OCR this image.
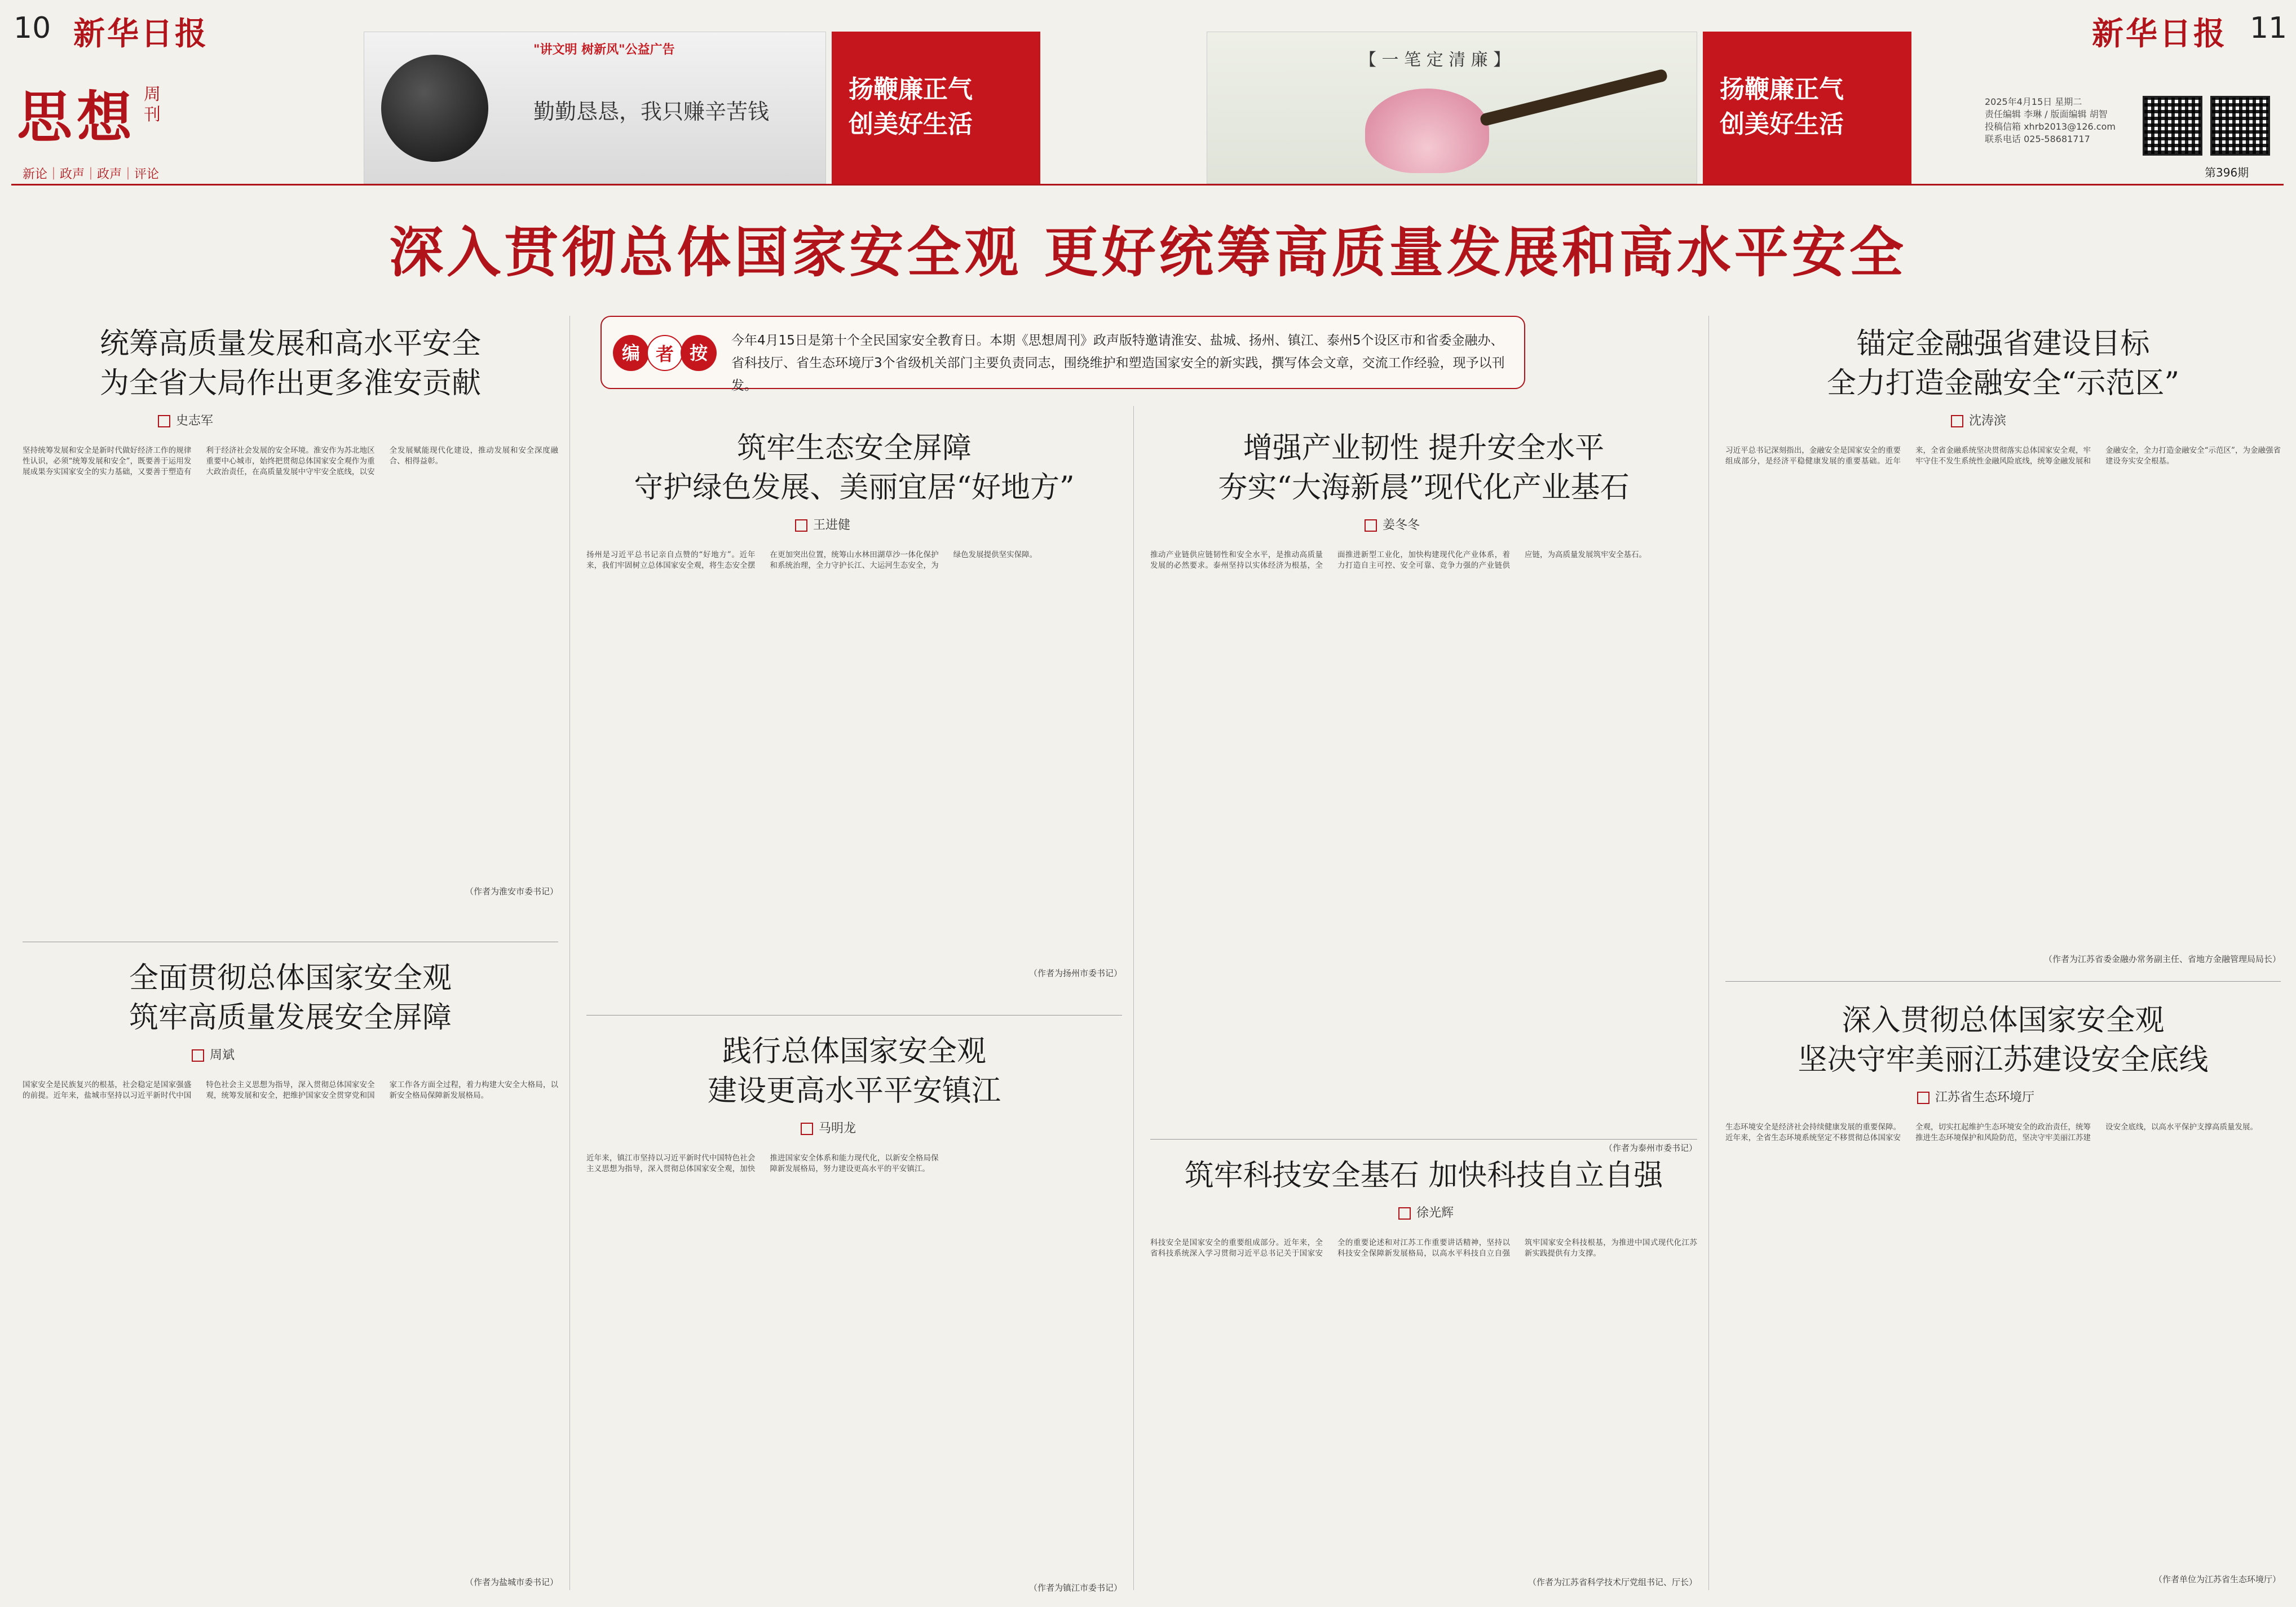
10 新华日报
思想 周刊
新论｜政声｜政声｜评论
勤勤恳恳，我只赚辛苦钱
"讲文明 树新风"公益广告
扬鞭廉正气
创美好生活
【 一 笔 定 清 廉 】
扬鞭廉正气
创美好生活
新华日报 11
2025年4月15日 星期二
责任编辑 李琳 / 版面编辑 胡智
投稿信箱 xhrb2013@126.com
联系电话 025-58681717
第396期
深入贯彻总体国家安全观 更好统筹高质量发展和高水平安全
编 者 按
今年4月15日是第十个全民国家安全教育日。本期《思想周刊》政声版特邀请淮安、盐城、扬州、镇江、泰州5个设区市和省委金融办、省科技厅、省生态环境厅3个省级机关部门主要负责同志，围绕维护和塑造国家安全的新实践，撰写体会文章，交流工作经验，现予以刊发。
统筹高质量发展和高水平安全
为全省大局作出更多淮安贡献
史志军
坚持统筹发展和安全是新时代做好经济工作的规律性认识，必须“统筹发展和安全”，既要善于运用发展成果夯实国家安全的实力基础，又要善于塑造有利于经济社会发展的安全环境。淮安作为苏北地区重要中心城市，始终把贯彻总体国家安全观作为重大政治责任，在高质量发展中守牢安全底线，以安全发展赋能现代化建设，推动发展和安全深度融合、相得益彰。
（作者为淮安市委书记）
全面贯彻总体国家安全观
筑牢高质量发展安全屏障
周斌
国家安全是民族复兴的根基，社会稳定是国家强盛的前提。近年来，盐城市坚持以习近平新时代中国特色社会主义思想为指导，深入贯彻总体国家安全观，统筹发展和安全，把维护国家安全贯穿党和国家工作各方面全过程，着力构建大安全大格局，以新安全格局保障新发展格局。
（作者为盐城市委书记）
筑牢生态安全屏障
守护绿色发展、美丽宜居“好地方”
王进健
扬州是习近平总书记亲自点赞的“好地方”。近年来，我们牢固树立总体国家安全观，将生态安全摆在更加突出位置，统筹山水林田湖草沙一体化保护和系统治理，全力守护长江、大运河生态安全，为绿色发展提供坚实保障。
（作者为扬州市委书记）
践行总体国家安全观
建设更高水平平安镇江
马明龙
近年来，镇江市坚持以习近平新时代中国特色社会主义思想为指导，深入贯彻总体国家安全观，加快推进国家安全体系和能力现代化，以新安全格局保障新发展格局，努力建设更高水平的平安镇江。
（作者为镇江市委书记）
增强产业韧性 提升安全水平
夯实“大海新晨”现代化产业基石
姜冬冬
推动产业链供应链韧性和安全水平，是推动高质量发展的必然要求。泰州坚持以实体经济为根基，全面推进新型工业化，加快构建现代化产业体系，着力打造自主可控、安全可靠、竞争力强的产业链供应链，为高质量发展筑牢安全基石。
（作者为泰州市委书记）
筑牢科技安全基石 加快科技自立自强
徐光辉
科技安全是国家安全的重要组成部分。近年来，全省科技系统深入学习贯彻习近平总书记关于国家安全的重要论述和对江苏工作重要讲话精神，坚持以科技安全保障新发展格局，以高水平科技自立自强筑牢国家安全科技根基，为推进中国式现代化江苏新实践提供有力支撑。
（作者为江苏省科学技术厅党组书记、厅长）
锚定金融强省建设目标
全力打造金融安全“示范区”
沈涛滨
习近平总书记深刻指出，金融安全是国家安全的重要组成部分，是经济平稳健康发展的重要基础。近年来，全省金融系统坚决贯彻落实总体国家安全观，牢牢守住不发生系统性金融风险底线，统筹金融发展和金融安全，全力打造金融安全“示范区”，为金融强省建设夯实安全根基。
（作者为江苏省委金融办常务副主任、省地方金融管理局局长）
深入贯彻总体国家安全观
坚决守牢美丽江苏建设安全底线
江苏省生态环境厅
生态环境安全是经济社会持续健康发展的重要保障。近年来，全省生态环境系统坚定不移贯彻总体国家安全观，切实扛起维护生态环境安全的政治责任，统筹推进生态环境保护和风险防范，坚决守牢美丽江苏建设安全底线，以高水平保护支撑高质量发展。
（作者单位为江苏省生态环境厅）
